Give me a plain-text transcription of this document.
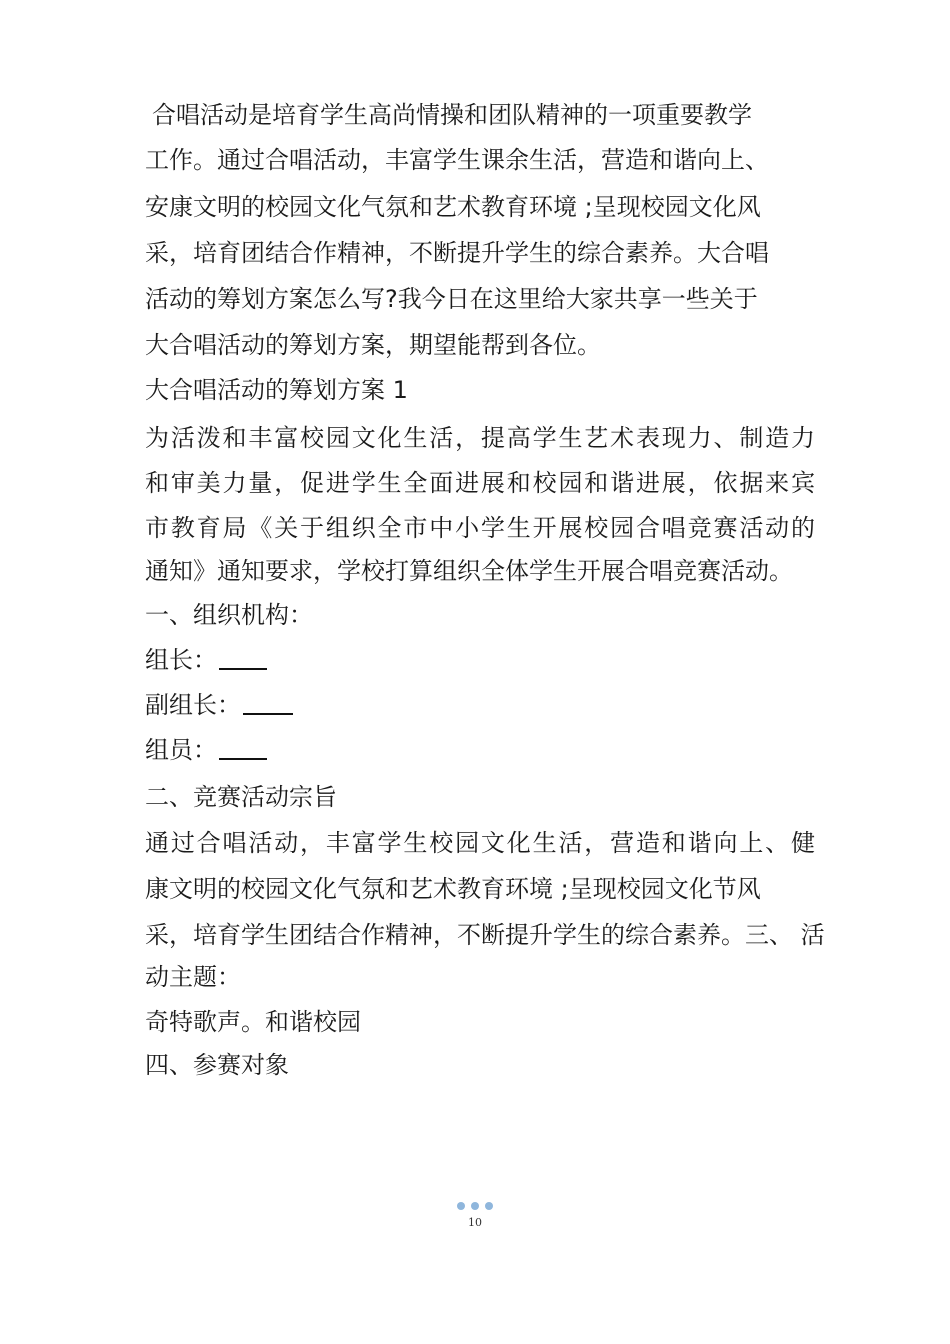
合唱活动是培育学生高尚情操和团队精神的一项重要教学
工作。通过合唱活动，丰富学生课余生活，营造和谐向上、
安康文明的校园文化气氛和艺术教育环境 ;呈现校园文化风
采，培育团结合作精神，不断提升学生的综合素养。大合唱
活动的筹划方案怎么写?我今日在这里给大家共享一些关于
大合唱活动的筹划方案，期望能帮到各位。
大合唱活动的筹划方案 1
为活泼和丰富校园文化生活，提高学生艺术表现力、制造力
和审美力量，促进学生全面进展和校园和谐进展，依据来宾
市教育局《关于组织全市中小学生开展校园合唱竞赛活动的
通知》通知要求，学校打算组织全体学生开展合唱竞赛活动。
一、组织机构：
组长：
副组长：
组员：
二、竞赛活动宗旨
通过合唱活动，丰富学生校园文化生活，营造和谐向上、健
康文明的校园文化气氛和艺术教育环境 ;呈现校园文化节风
采，培育学生团结合作精神，不断提升学生的综合素养。三、 活
动主题：
奇特歌声。和谐校园
四、参赛对象
10
